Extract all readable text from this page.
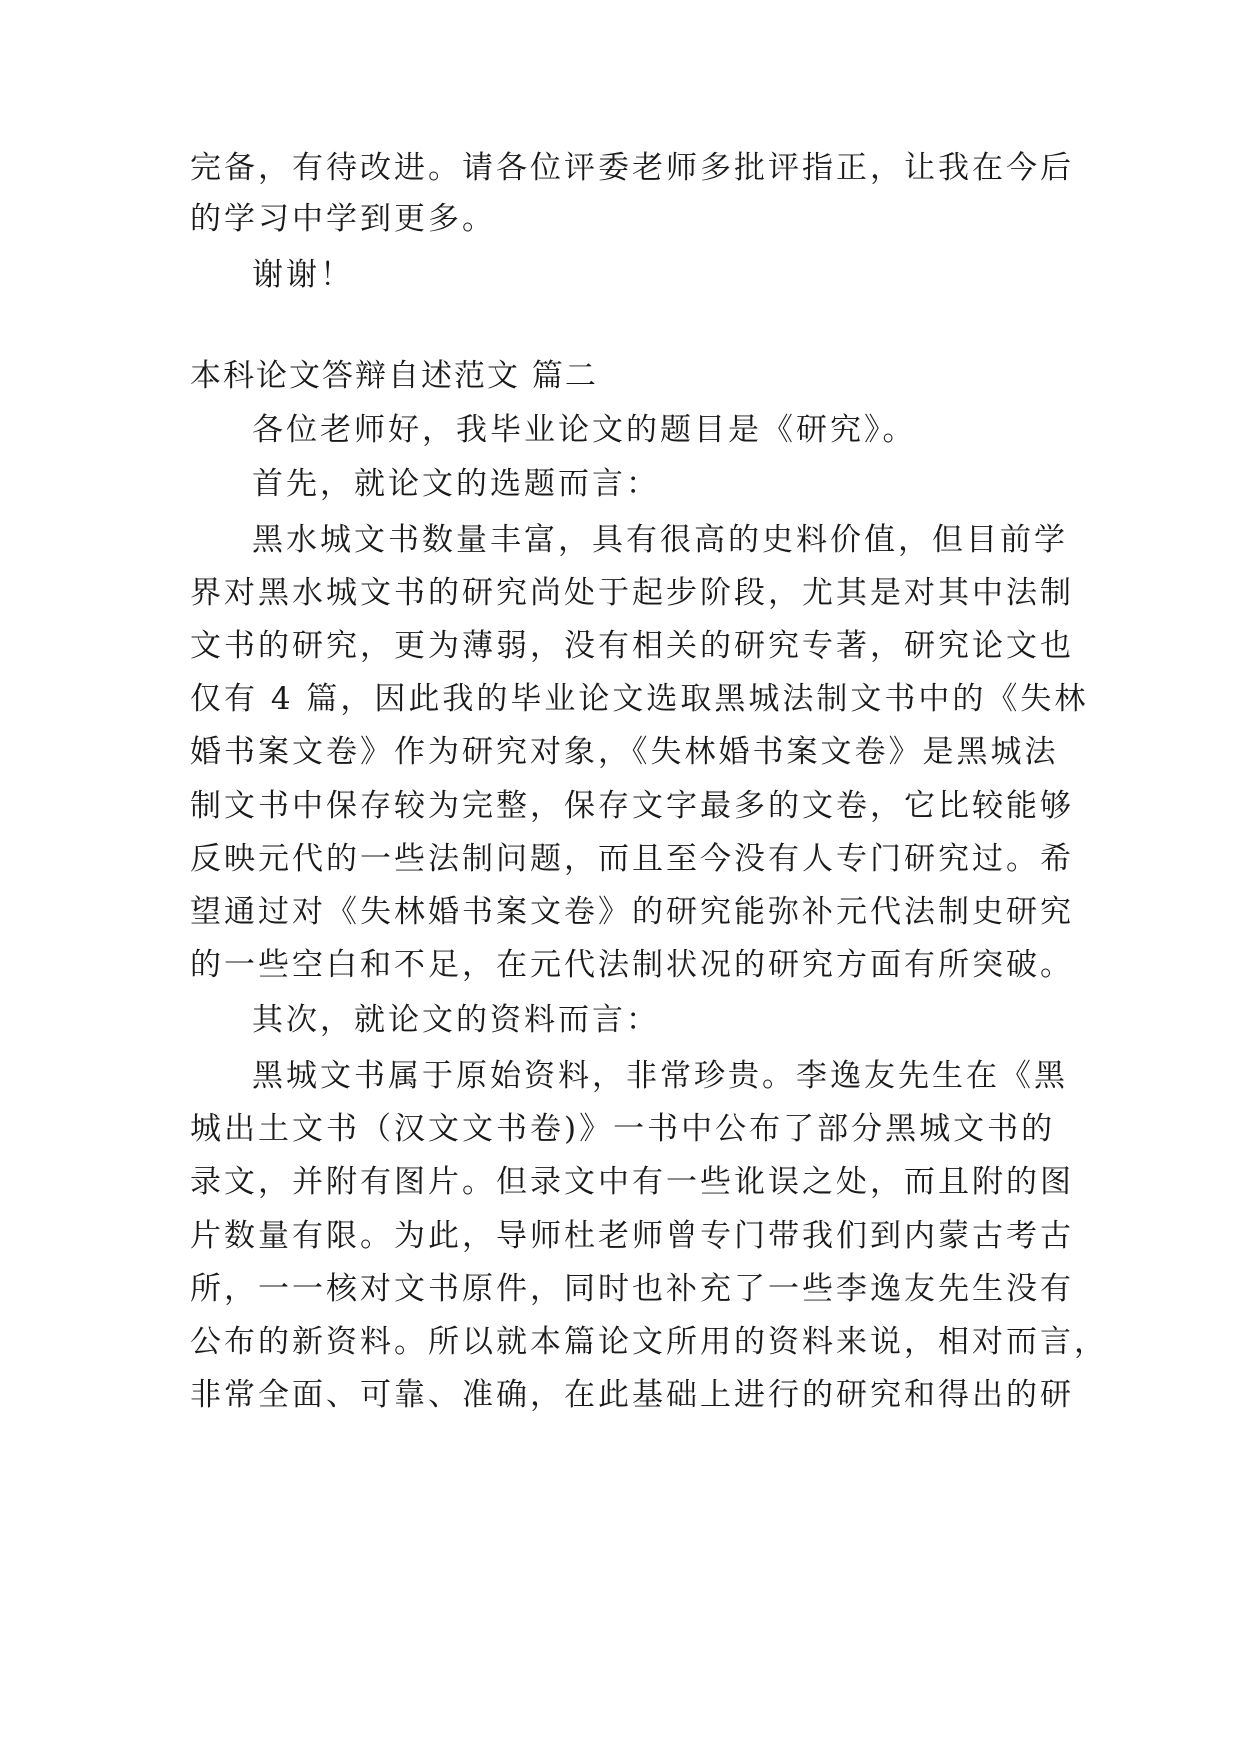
完备，有待改进。请各位评委老师多批评指正，让我在今后
的学习中学到更多。
谢谢！
本科论文答辩自述范文 篇二
各位老师好，我毕业论文的题目是《研究》。
首先，就论文的选题而言：
黑水城文书数量丰富，具有很高的史料价值，但目前学
界对黑水城文书的研究尚处于起步阶段，尤其是对其中法制
文书的研究，更为薄弱，没有相关的研究专著，研究论文也
仅有 4 篇，因此我的毕业论文选取黑城法制文书中的《失林
婚书案文卷》作为研究对象，《失林婚书案文卷》是黑城法
制文书中保存较为完整，保存文字最多的文卷，它比较能够
反映元代的一些法制问题，而且至今没有人专门研究过。希
望通过对《失林婚书案文卷》的研究能弥补元代法制史研究
的一些空白和不足，在元代法制状况的研究方面有所突破。
其次，就论文的资料而言：
黑城文书属于原始资料，非常珍贵。李逸友先生在《黑
城出土文书（汉文文书卷)》一书中公布了部分黑城文书的
录文，并附有图片。但录文中有一些讹误之处，而且附的图
片数量有限。为此，导师杜老师曾专门带我们到内蒙古考古
所，一一核对文书原件，同时也补充了一些李逸友先生没有
公布的新资料。所以就本篇论文所用的资料来说，相对而言，
非常全面、可靠、准确，在此基础上进行的研究和得出的研
